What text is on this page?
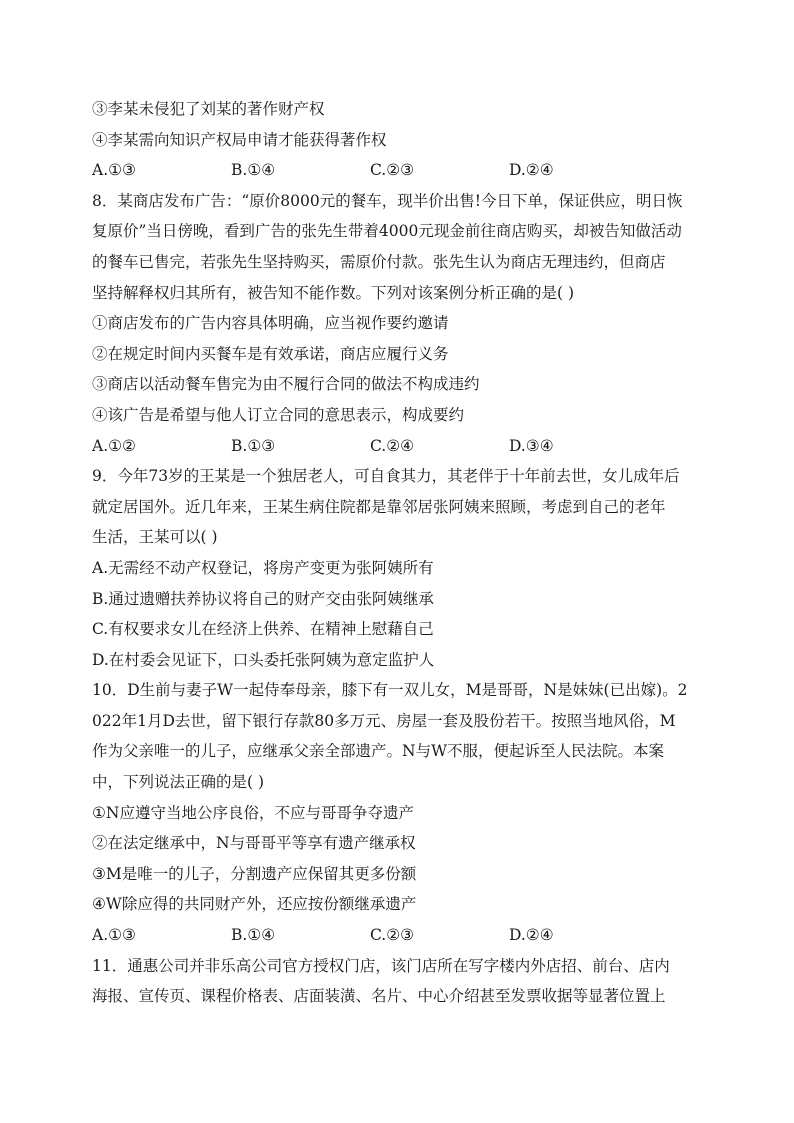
③李某未侵犯了刘某的著作财产权
④李某需向知识产权局申请才能获得著作权
A.①③	B.①④	C.②③	D.②④
8．某商店发布广告：“原价8000元的餐车，现半价出售!今日下单，保证供应，明日恢
复原价”当日傍晚，看到广告的张先生带着4000元现金前往商店购买，却被告知做活动
的餐车已售完，若张先生坚持购买，需原价付款。张先生认为商店无理违约，但商店
坚持解释权归其所有，被告知不能作数。下列对该案例分析正确的是( )
①商店发布的广告内容具体明确，应当视作要约邀请
②在规定时间内买餐车是有效承诺，商店应履行义务
③商店以活动餐车售完为由不履行合同的做法不构成违约
④该广告是希望与他人订立合同的意思表示，构成要约
A.①②	B.①③	C.②④	D.③④
9．今年73岁的王某是一个独居老人，可自食其力，其老伴于十年前去世，女儿成年后
就定居国外。近几年来，王某生病住院都是靠邻居张阿姨来照顾，考虑到自己的老年
生活，王某可以( )
A.无需经不动产权登记，将房产变更为张阿姨所有
B.通过遗赠扶养协议将自己的财产交由张阿姨继承
C.有权要求女儿在经济上供养、在精神上慰藉自己
D.在村委会见证下，口头委托张阿姨为意定监护人
10．D生前与妻子W一起侍奉母亲，膝下有一双儿女，M是哥哥，N是妹妹(已出嫁)。2
022年1月D去世，留下银行存款80多万元、房屋一套及股份若干。按照当地风俗，M
作为父亲唯一的儿子，应继承父亲全部遗产。N与W不服，便起诉至人民法院。本案
中，下列说法正确的是( )
①N应遵守当地公序良俗，不应与哥哥争夺遗产
②在法定继承中，N与哥哥平等享有遗产继承权
③M是唯一的儿子，分割遗产应保留其更多份额
④W除应得的共同财产外，还应按份额继承遗产
A.①③	B.①④	C.②③	D.②④
11．通惠公司并非乐高公司官方授权门店，该门店所在写字楼内外店招、前台、店内
海报、宣传页、课程价格表、店面装潢、名片、中心介绍甚至发票收据等显著位置上
